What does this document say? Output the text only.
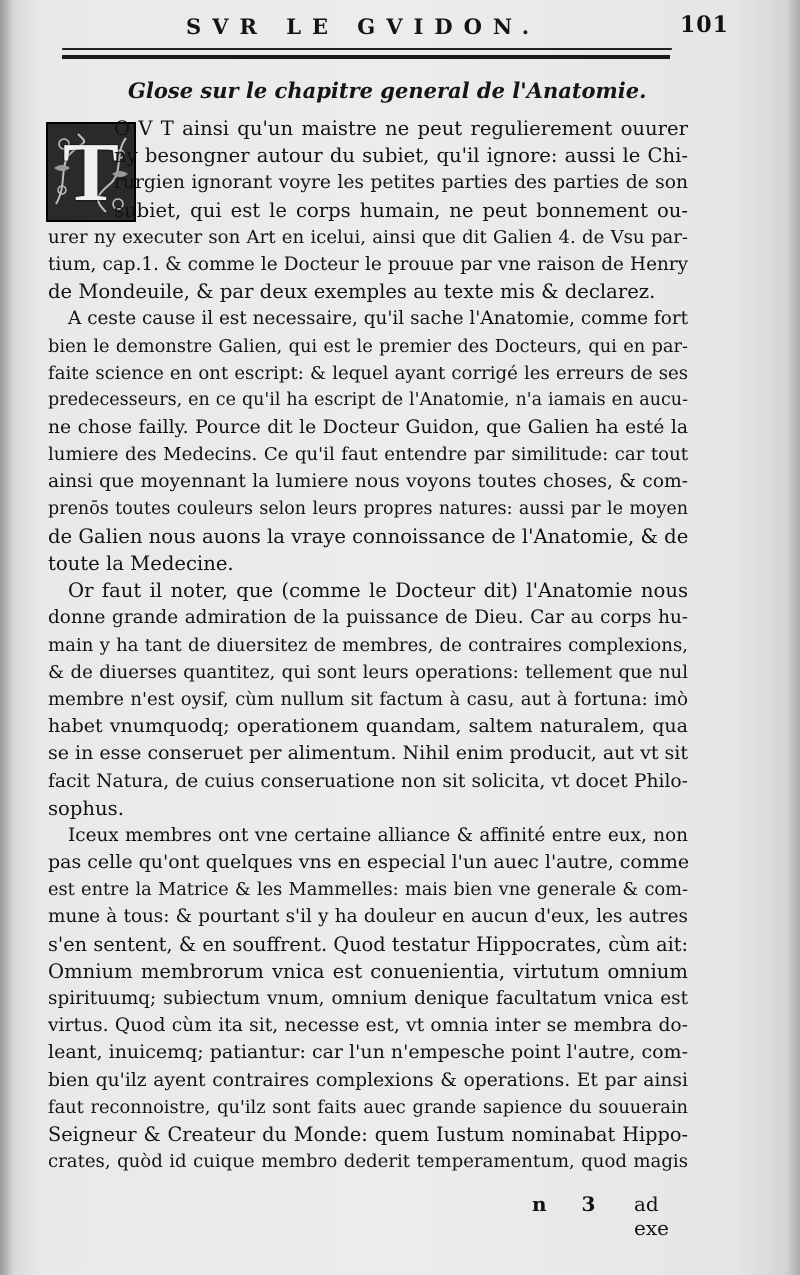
SVR LE GVIDON.	101
Glose sur le chapitre general de l'Anatomie.
T
O V T ainsi qu'un maistre ne peut regulierement ouurer
ny besongner autour du subiet, qu'il ignore: aussi le Chi-
rurgien ignorant voyre les petites parties des parties de son
subiet, qui est le corps humain, ne peut bonnement ou-
urer ny executer son Art en icelui, ainsi que dit Galien 4. de Vsu par-
tium, cap.1. & comme le Docteur le prouue par vne raison de Henry
de Mondeuile, & par deux exemples au texte mis & declarez.
A ceste cause il est necessaire, qu'il sache l'Anatomie, comme fort
bien le demonstre Galien, qui est le premier des Docteurs, qui en par-
faite science en ont escript: & lequel ayant corrigé les erreurs de ses
predecesseurs, en ce qu'il ha escript de l'Anatomie, n'a iamais en aucu-
ne chose failly. Pource dit le Docteur Guidon, que Galien ha esté la
lumiere des Medecins. Ce qu'il faut entendre par similitude: car tout
ainsi que moyennant la lumiere nous voyons toutes choses, & com-
prenōs toutes couleurs selon leurs propres natures: aussi par le moyen
de Galien nous auons la vraye connoissance de l'Anatomie, & de
toute la Medecine.
Or faut il noter, que (comme le Docteur dit) l'Anatomie nous
donne grande admiration de la puissance de Dieu. Car au corps hu-
main y ha tant de diuersitez de membres, de contraires complexions,
& de diuerses quantitez, qui sont leurs operations: tellement que nul
membre n'est oysif, cùm nullum sit factum à casu, aut à fortuna: imò
habet vnumquodq; operationem quandam, saltem naturalem, qua
se in esse conseruet per alimentum. Nihil enim producit, aut vt sit
facit Natura, de cuius conseruatione non sit solicita, vt docet Philo-
sophus.
Iceux membres ont vne certaine alliance & affinité entre eux, non
pas celle qu'ont quelques vns en especial l'un auec l'autre, comme
est entre la Matrice & les Mammelles: mais bien vne generale & com-
mune à tous: & pourtant s'il y ha douleur en aucun d'eux, les autres
s'en sentent, & en souffrent. Quod testatur Hippocrates, cùm ait:
Omnium membrorum vnica est conuenientia, virtutum omnium
spirituumq; subiectum vnum, omnium denique facultatum vnica est
virtus. Quod cùm ita sit, necesse est, vt omnia inter se membra do-
leant, inuicemq; patiantur: car l'un n'empesche point l'autre, com-
bien qu'ilz ayent contraires complexions & operations. Et par ainsi
faut reconnoistre, qu'ilz sont faits auec grande sapience du souuerain
Seigneur & Createur du Monde: quem Iustum nominabat Hippo-
crates, quòd id cuique membro dederit temperamentum, quod magis
n 3 ad exe
